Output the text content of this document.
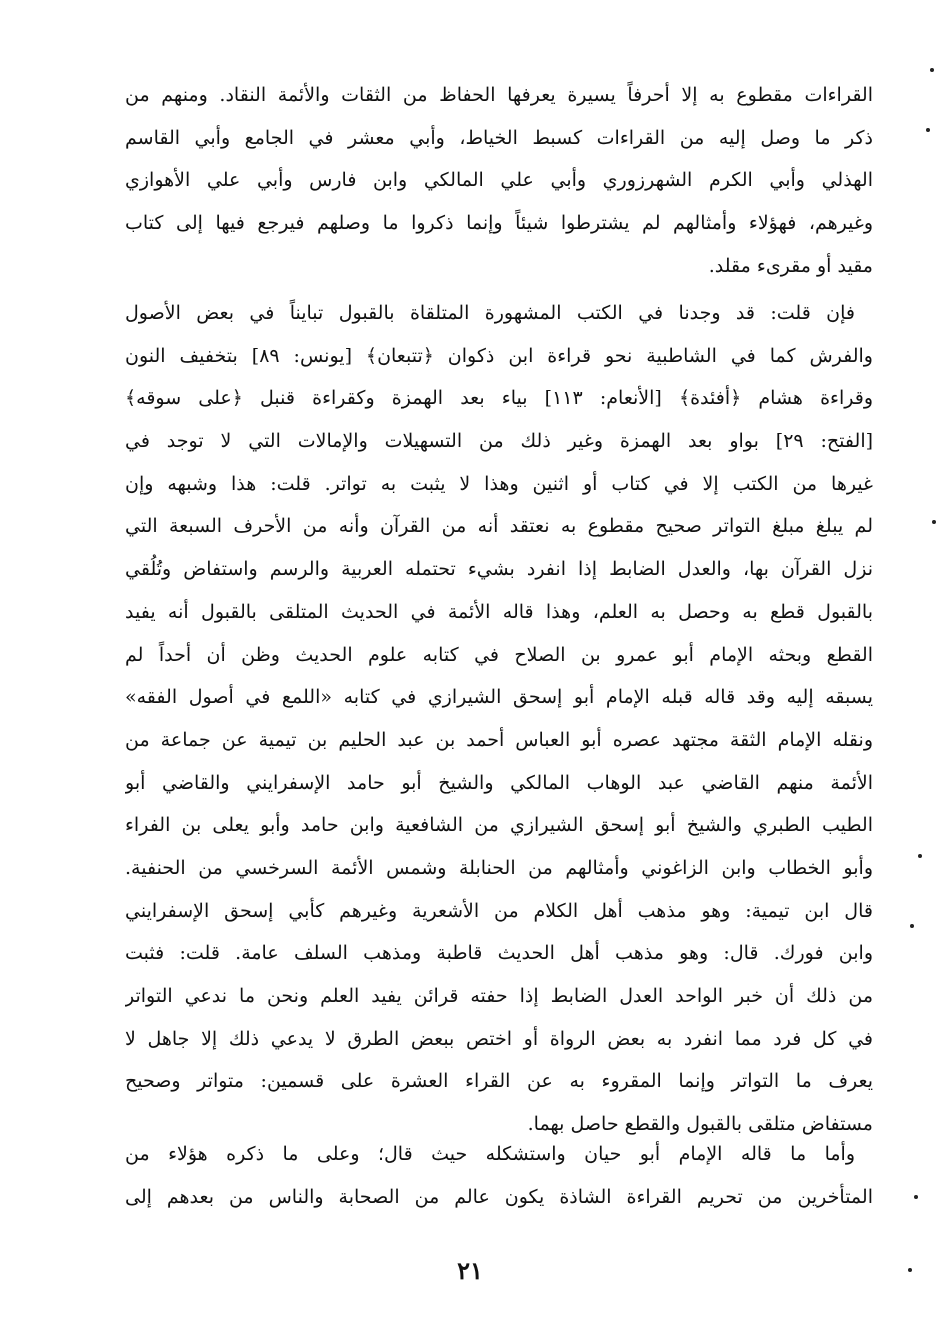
القراءات مقطوع به إلا أحرفاً يسيرة يعرفها الحفاظ من الثقات والأئمة النقاد. ومنهم من
ذكر ما وصل إليه من القراءات كسبط الخياط، وأبي معشر في الجامع وأبي القاسم
الهذلي وأبي الكرم الشهرزوري وأبي علي المالكي وابن فارس وأبي علي الأهوازي
وغيرهم، فهؤلاء وأمثالهم لم يشترطوا شيئاً وإنما ذكروا ما وصلهم فيرجع فيها إلى كتاب
مقيد أو مقرىء مقلد.
فإن قلت: قد وجدنا في الكتب المشهورة المتلقاة بالقبول تبايناً في بعض الأصول
والفرش كما في الشاطبية نحو قراءة ابن ذكوان ﴿تتبعان﴾ [يونس: ٨٩] بتخفيف النون
وقراءة هشام ﴿أفئدة﴾ [الأنعام: ١١٣] بياء بعد الهمزة وكقراءة قنبل ﴿على سوقه﴾
[الفتح: ٢٩] بواو بعد الهمزة وغير ذلك من التسهيلات والإمالات التي لا توجد في
غيرها من الكتب إلا في كتاب أو اثنين وهذا لا يثبت به تواتر. قلت: هذا وشبهه وإن
لم يبلغ مبلغ التواتر صحيح مقطوع به نعتقد أنه من القرآن وأنه من الأحرف السبعة التي
نزل القرآن بها، والعدل الضابط إذا انفرد بشيء تحتمله العربية والرسم واستفاض وتُلُقي
بالقبول قطع به وحصل به العلم، وهذا قاله الأئمة في الحديث المتلقى بالقبول أنه يفيد
القطع وبحثه الإمام أبو عمرو بن الصلاح في كتابه علوم الحديث وظن أن أحداً لم
يسبقه إليه وقد قاله قبله الإمام أبو إسحق الشيرازي في كتابه «اللمع في أصول الفقه»
ونقله الإمام الثقة مجتهد عصره أبو العباس أحمد بن عبد الحليم بن تيمية عن جماعة من
الأئمة منهم القاضي عبد الوهاب المالكي والشيخ أبو حامد الإسفرايني والقاضي أبو
الطيب الطبري والشيخ أبو إسحق الشيرازي من الشافعية وابن حامد وأبو يعلى بن الفراء
وأبو الخطاب وابن الزاغوني وأمثالهم من الحنابلة وشمس الأئمة السرخسي من الحنفية.
قال ابن تيمية: وهو مذهب أهل الكلام من الأشعرية وغيرهم كأبي إسحق الإسفرايني
وابن فورك. قال: وهو مذهب أهل الحديث قاطبة ومذهب السلف عامة. قلت: فثبت
من ذلك أن خبر الواحد العدل الضابط إذا حفته قرائن يفيد العلم ونحن ما ندعي التواتر
في كل فرد مما انفرد به بعض الرواة أو اختص ببعض الطرق لا يدعي ذلك إلا جاهل لا
يعرف ما التواتر وإنما المقروء به عن القراء العشرة على قسمين: متواتر وصحيح
مستفاض متلقى بالقبول والقطع حاصل بهما.
وأما ما قاله الإمام أبو حيان واستشكله حيث قال؛ وعلى ما ذكره هؤلاء من
المتأخرين من تحريم القراءة الشاذة يكون عالم من الصحابة والناس من بعدهم إلى
٢١
